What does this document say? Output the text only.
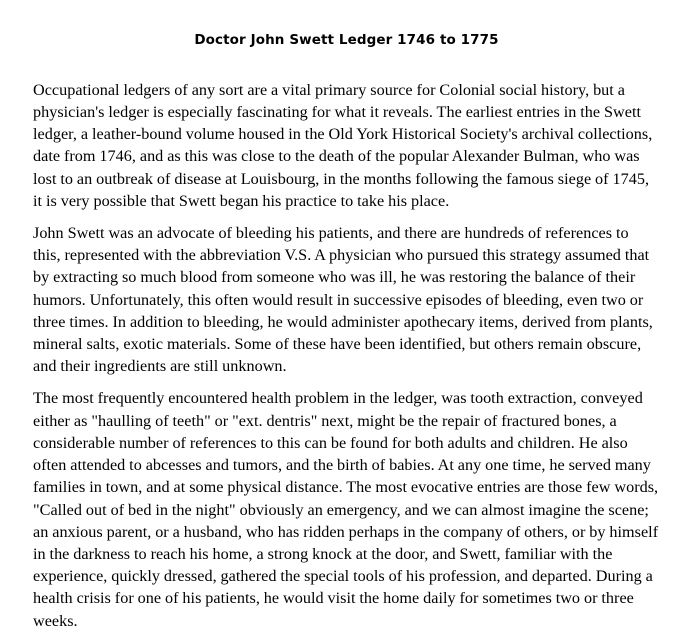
Doctor John Swett Ledger 1746 to 1775

Occupational ledgers of any sort are a vital primary source for Colonial social history, but a physician's ledger is especially fascinating for what it reveals. The earliest entries in the Swett ledger, a leather-bound volume housed in the Old York Historical Society's archival collections, date from 1746, and as this was close to the death of the popular Alexander Bulman, who was lost to an outbreak of disease at Louisbourg, in the months following the famous siege of 1745, it is very possible that Swett began his practice to take his place.

John Swett was an advocate of bleeding his patients, and there are hundreds of references to this, represented with the abbreviation V.S. A physician who pursued this strategy assumed that by extracting so much blood from someone who was ill, he was restoring the balance of their humors. Unfortunately, this often would result in successive episodes of bleeding, even two or three times. In addition to bleeding, he would administer apothecary items, derived from plants, mineral salts, exotic materials. Some of these have been identified, but others remain obscure, and their ingredients are still unknown.

The most frequently encountered health problem in the ledger, was tooth extraction, conveyed either as "haulling of teeth" or "ext. dentris" next, might be the repair of fractured bones, a considerable number of references to this can be found for both adults and children. He also often attended to abcesses and tumors, and the birth of babies. At any one time, he served many families in town, and at some physical distance. The most evocative entries are those few words, "Called out of bed in the night" obviously an emergency, and we can almost imagine the scene; an anxious parent, or a husband, who has ridden perhaps in the company of others, or by himself in the darkness to reach his home, a strong knock at the door, and Swett, familiar with the experience, quickly dressed, gathered the special tools of his profession, and departed. During a health crisis for one of his patients, he would visit the home daily for sometimes two or three weeks.
